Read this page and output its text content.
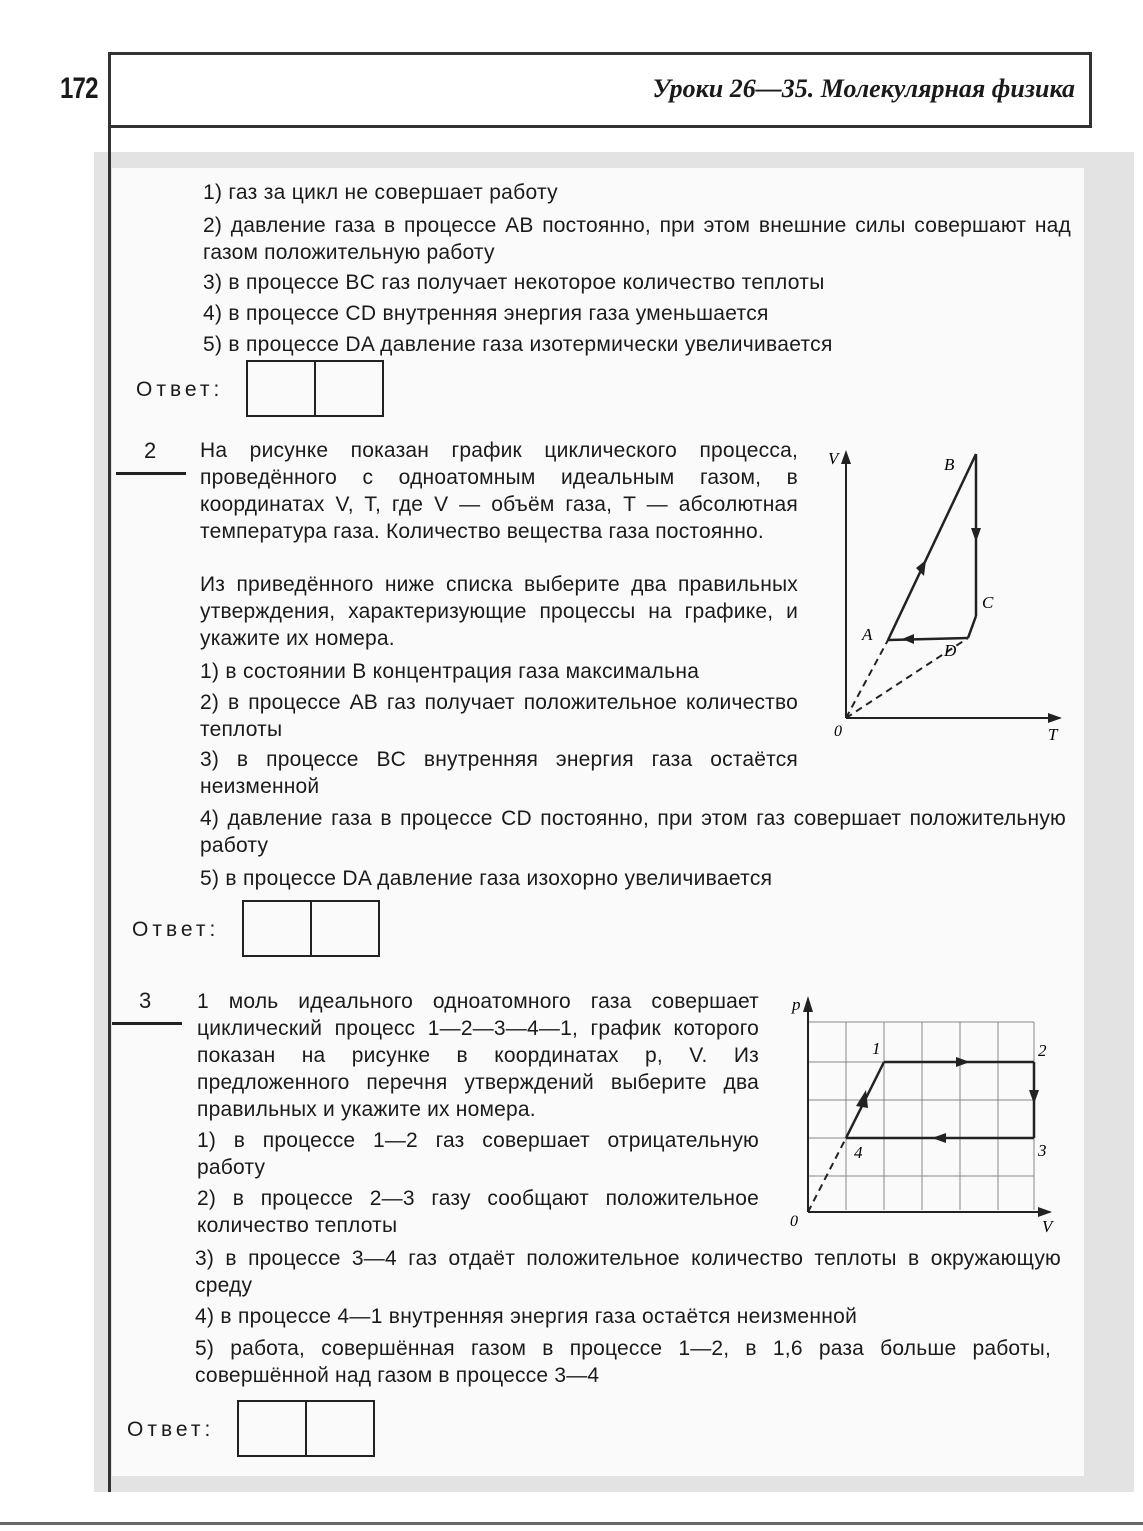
172	Уроки 26—35. Молекулярная физика
1) газ за цикл не совершает работу
2) давление газа в процессе AB постоянно, при этом внешние силы совершают над газом положительную работу
3) в процессе BC газ получает некоторое количество теплоты
4) в процессе CD внутренняя энергия газа уменьшается
5) в процессе DA давление газа изотермически увеличивается
Ответ:
2 На рисунке показан график циклического процесса, проведённого с одноатомным идеальным газом, в координатах V, T, где V — объём газа, T — абсолютная температура газа. Количество вещества газа постоянно.
Из приведённого ниже списка выберите два правильных утверждения, характеризующие процессы на графике, и укажите их номера.
1) в состоянии B концентрация газа максимальна
2) в процессе AB газ получает положительное количество теплоты
3) в процессе BC внутренняя энергия газа остаётся неизменной
4) давление газа в процессе CD постоянно, при этом газ совершает положительную работу
5) в процессе DA давление газа изохорно увеличивается
Ответ:
V
T
0
A
B
C
D
3 1 моль идеального одноатомного газа совершает циклический процесс 1—2—3—4—1, график которого показан на рисунке в координатах p, V. Из предложенного перечня утверждений выберите два правильных и укажите их номера.
1) в процессе 1—2 газ совершает отрицательную работу
2) в процессе 2—3 газу сообщают положительное количество теплоты
3) в процессе 3—4 газ отдаёт положительное количество теплоты в окружающую среду
4) в процессе 4—1 внутренняя энергия газа остаётся неизменной
5) работа, совершённая газом в процессе 1—2, в 1,6 раза больше работы, совершённой над газом в процессе 3—4
Ответ:
p
V
0
1	2
3
4
